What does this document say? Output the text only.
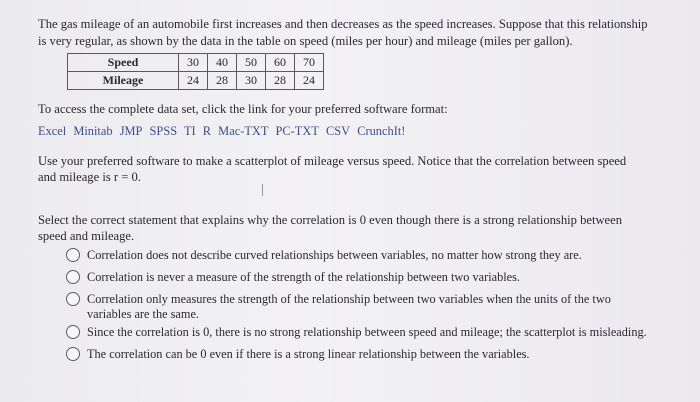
The gas mileage of an automobile first increases and then decreases as the speed increases. Suppose that this relationship is very regular, as shown by the data in the table on speed (miles per hour) and mileage (miles per gallon).
Speed	30	40	50	60	70
Mileage	24	28	30	28	24
To access the complete data set, click the link for your preferred software format:
Excel Minitab JMP SPSS TI R Mac-TXT PC-TXT CSV CrunchIt!
Use your preferred software to make a scatterplot of mileage versus speed. Notice that the correlation between speed and mileage is r = 0.
Select the correct statement that explains why the correlation is 0 even though there is a strong relationship between speed and mileage.
Correlation does not describe curved relationships between variables, no matter how strong they are.
Correlation is never a measure of the strength of the relationship between two variables.
Correlation only measures the strength of the relationship between two variables when the units of the two variables are the same.
Since the correlation is 0, there is no strong relationship between speed and mileage; the scatterplot is misleading.
The correlation can be 0 even if there is a strong linear relationship between the variables.
